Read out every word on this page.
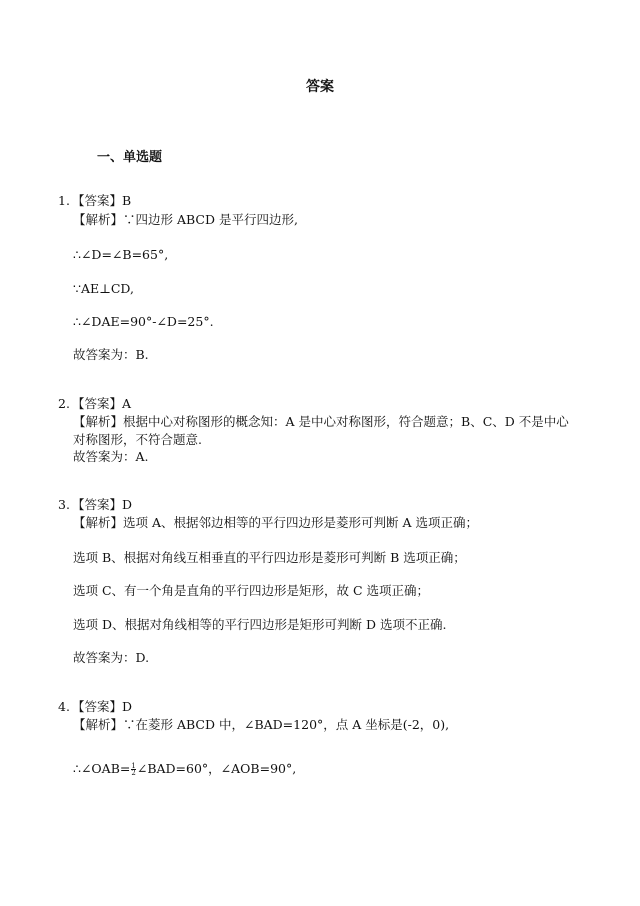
答案
一、单选题
1. 【答案】B
【解析】∵四边形 ABCD 是平行四边形,
∴∠D=∠B=65°,
∵AE⊥CD,
∴∠DAE=90°-∠D=25°.
故答案为：B.
2. 【答案】A
【解析】根据中心对称图形的概念知：A 是中心对称图形，符合题意；B、C、D 不是中心
对称图形，不符合题意.
故答案为：A.
3. 【答案】D
【解析】选项 A、根据邻边相等的平行四边形是菱形可判断 A 选项正确；
选项 B、根据对角线互相垂直的平行四边形是菱形可判断 B 选项正确；
选项 C、有一个角是直角的平行四边形是矩形，故 C 选项正确；
选项 D、根据对角线相等的平行四边形是矩形可判断 D 选项不正确.
故答案为：D.
4. 【答案】D
【解析】∵在菱形 ABCD 中，∠BAD=120°，点 A 坐标是(-2，0),
∴∠OAB= $\frac{1}{2}$ ∠BAD=60°，∠AOB=90°,
